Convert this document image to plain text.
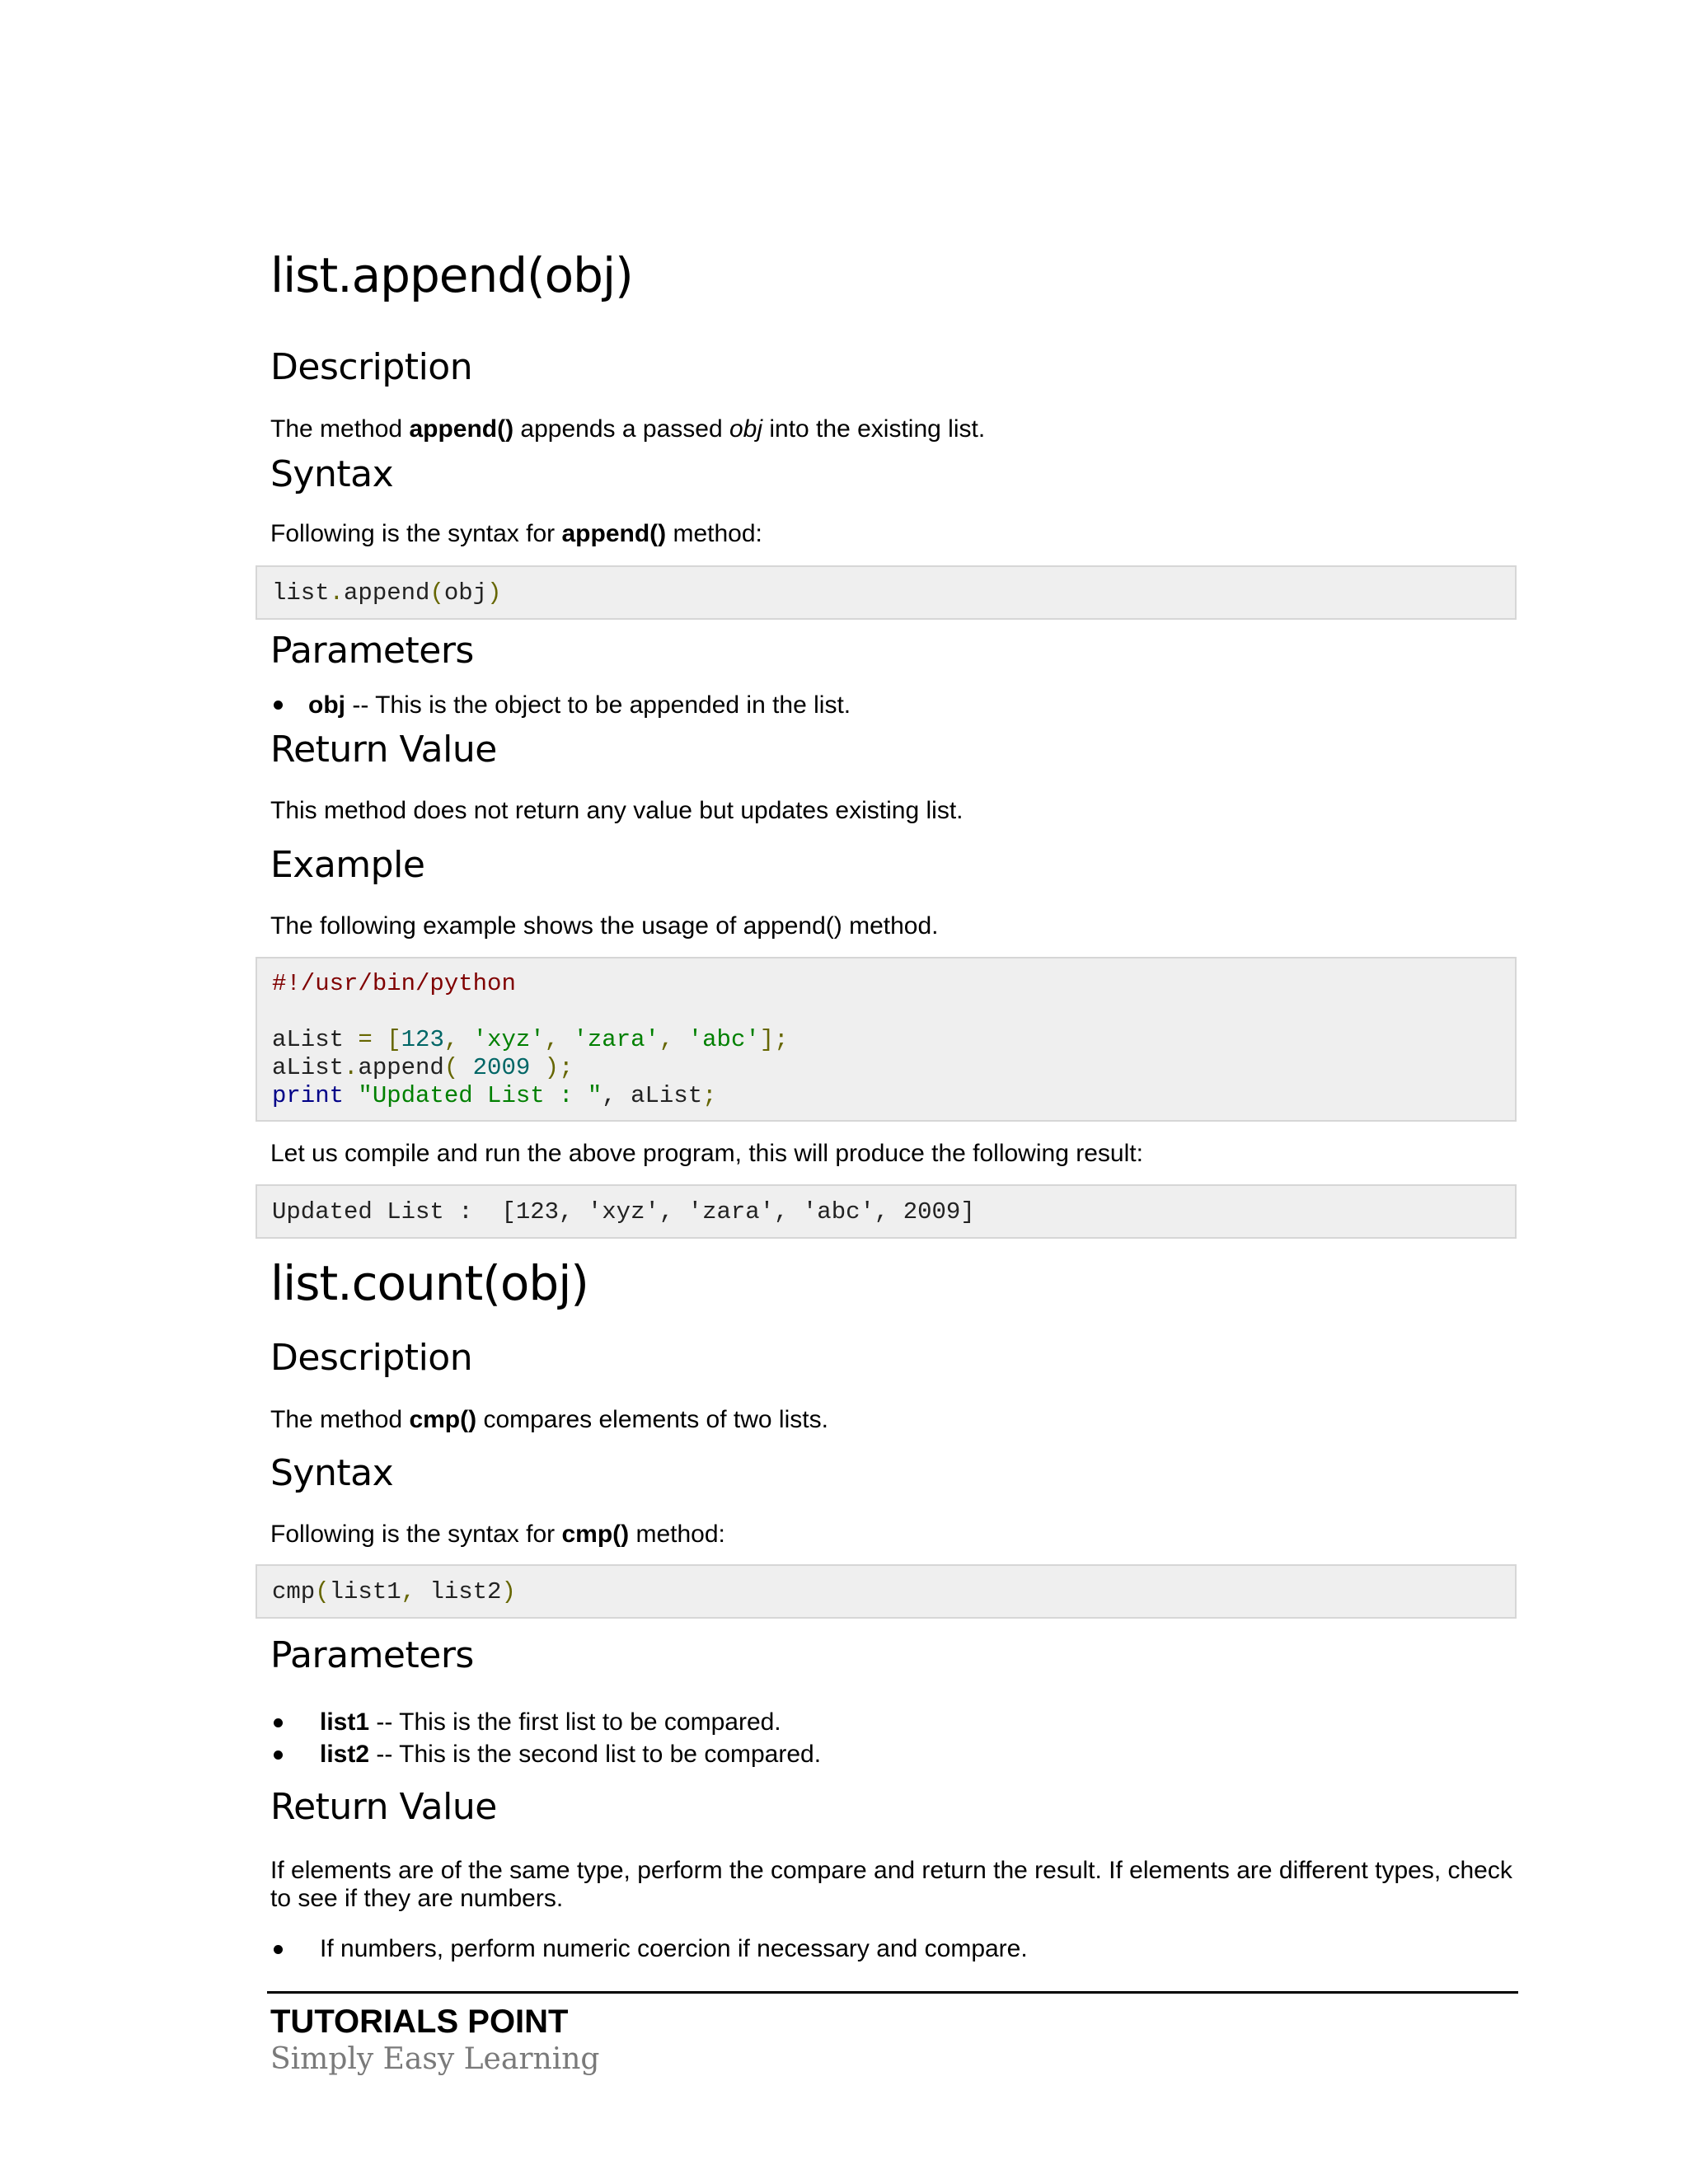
list.append(obj)
Description
The method append() appends a passed obj into the existing list.
Syntax
Following is the syntax for append() method:
list.append(obj)
Parameters
obj -- This is the object to be appended in the list.
Return Value
This method does not return any value but updates existing list.
Example
The following example shows the usage of append() method.
#!/usr/bin/python
aList = [123, 'xyz', 'zara', 'abc'];
aList.append( 2009 );
print "Updated List : ", aList;
Let us compile and run the above program, this will produce the following result:
Updated List :  [123, 'xyz', 'zara', 'abc', 2009]
list.count(obj)
Description
The method cmp() compares elements of two lists.
Syntax
Following is the syntax for cmp() method:
cmp(list1, list2)
Parameters
list1 -- This is the first list to be compared.
list2 -- This is the second list to be compared.
Return Value
If elements are of the same type, perform the compare and return the result. If elements are different types, check
to see if they are numbers.
If numbers, perform numeric coercion if necessary and compare.
TUTORIALS POINT
Simply Easy Learning
